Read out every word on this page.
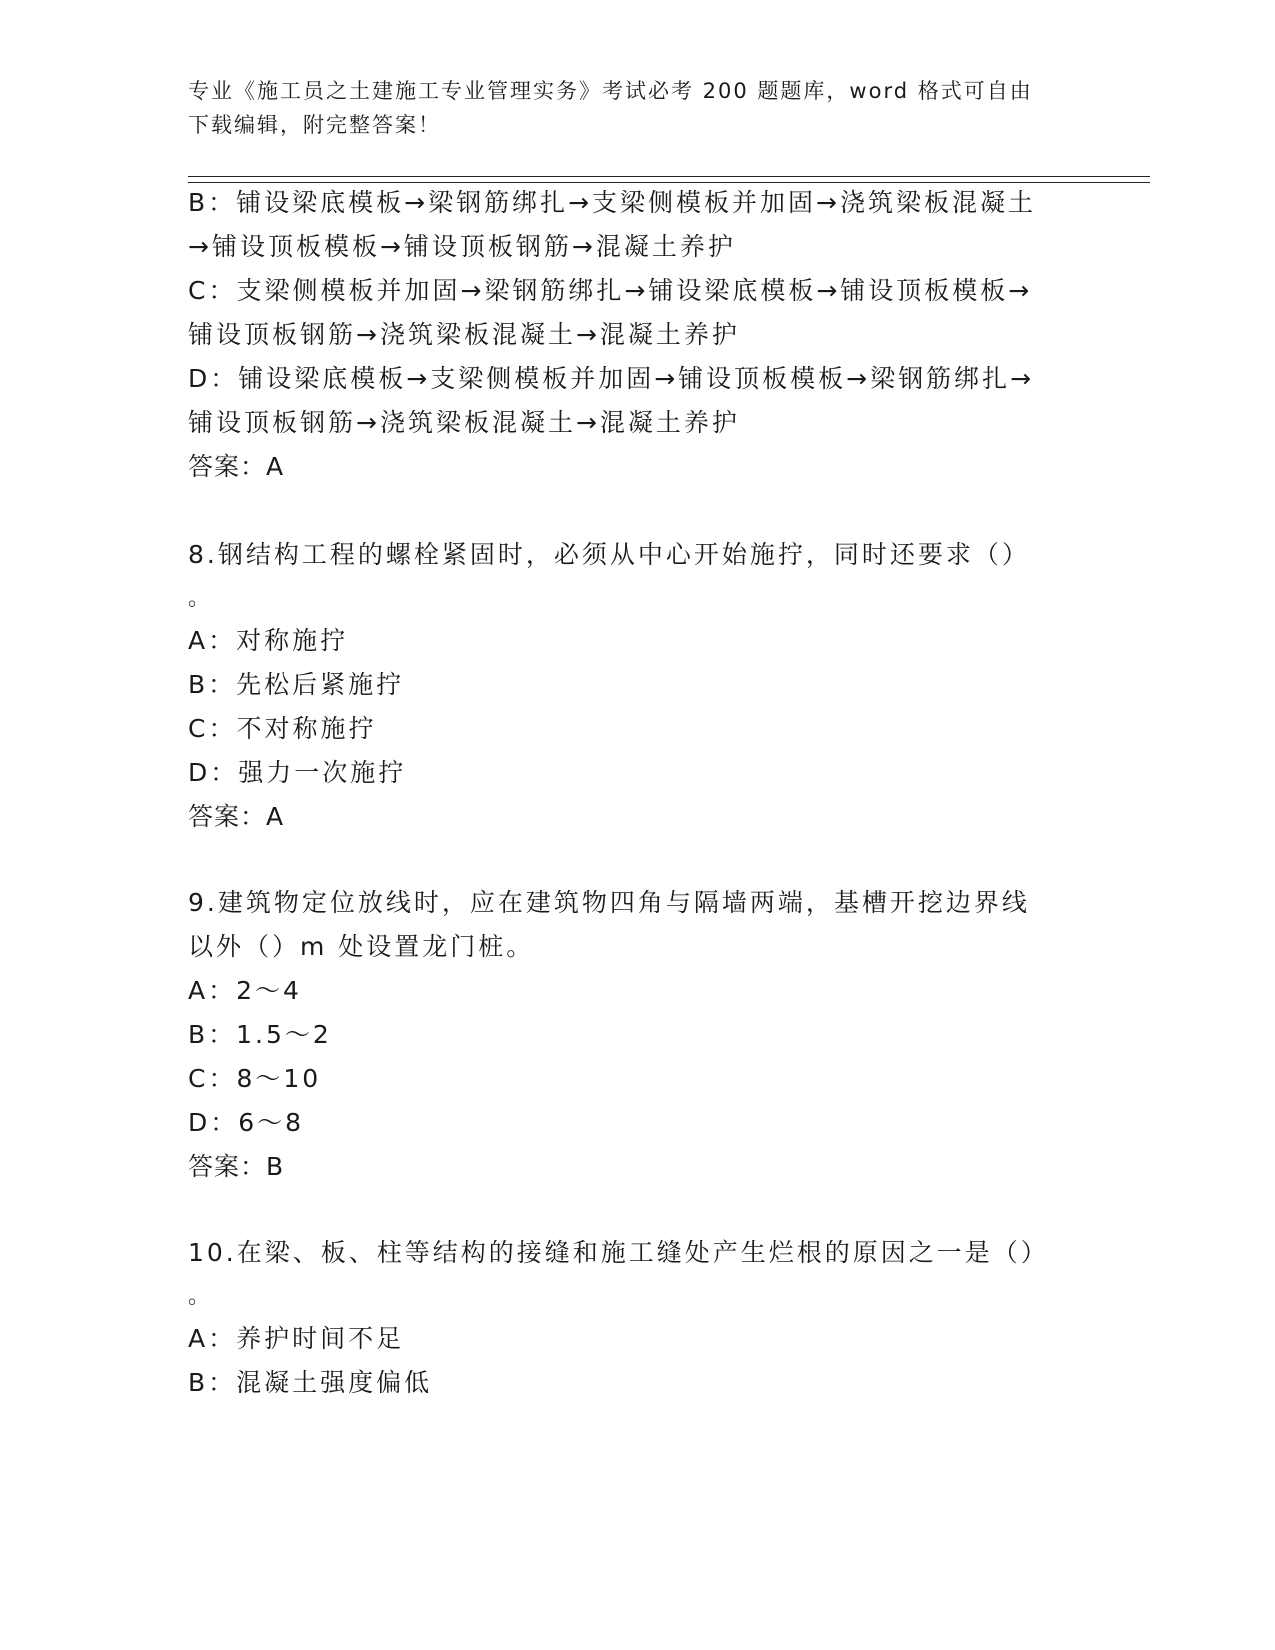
专业《施工员之土建施工专业管理实务》考试必考 200 题题库，word 格式可自由
下载编辑，附完整答案！
B：铺设梁底模板→梁钢筋绑扎→支梁侧模板并加固→浇筑梁板混凝土
→铺设顶板模板→铺设顶板钢筋→混凝土养护
C：支梁侧模板并加固→梁钢筋绑扎→铺设梁底模板→铺设顶板模板→
铺设顶板钢筋→浇筑梁板混凝土→混凝土养护
D：铺设梁底模板→支梁侧模板并加固→铺设顶板模板→梁钢筋绑扎→
铺设顶板钢筋→浇筑梁板混凝土→混凝土养护
答案：A
8.钢结构工程的螺栓紧固时，必须从中心开始施拧，同时还要求（）
。
A：对称施拧
B：先松后紧施拧
C：不对称施拧
D：强力一次施拧
答案：A
9.建筑物定位放线时，应在建筑物四角与隔墙两端，基槽开挖边界线
以外（）m 处设置龙门桩。
A：2～4
B：1.5～2
C：8～10
D：6～8
答案：B
10.在梁、板、柱等结构的接缝和施工缝处产生烂根的原因之一是（）
。
A：养护时间不足
B：混凝土强度偏低
